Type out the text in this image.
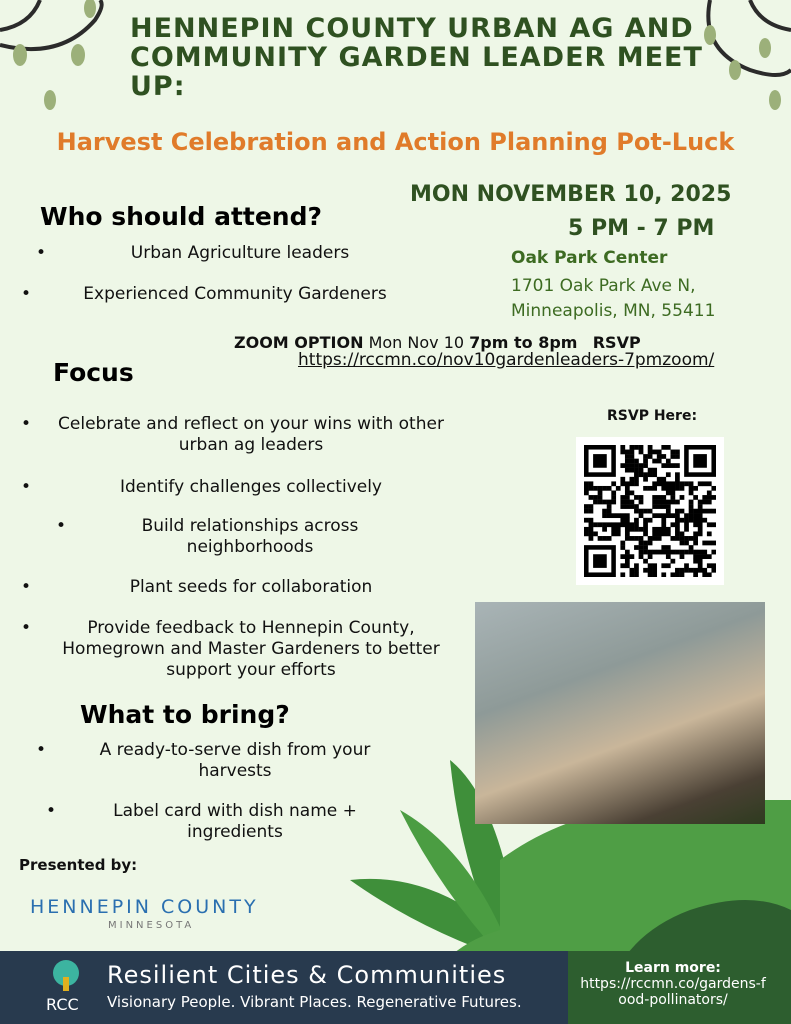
HENNEPIN COUNTY URBAN AG AND COMMUNITY GARDEN LEADER MEET UP:
Harvest Celebration and Action Planning Pot-Luck
Who should attend?
• Urban Agriculture leaders
• Experienced Community Gardeners
MON NOVEMBER 10, 2025
5 PM - 7 PM
Oak Park Center
1701 Oak Park Ave N,
Minneapolis, MN, 55411
ZOOM OPTION Mon Nov 10 7pm to 8pm RSVP
https://rccmn.co/nov10gardenleaders-7pmzoom/
Focus
• Celebrate and reflect on your wins with other urban ag leaders
• Identify challenges collectively
• Build relationships across neighborhoods
• Plant seeds for collaboration
• Provide feedback to Hennepin County, Homegrown and Master Gardeners to better support your efforts
What to bring?
• A ready-to-serve dish from your harvests
• Label card with dish name + ingredients
Presented by:
HENNEPIN COUNTY
MINNESOTA
RSVP Here:
RCC
Resilient Cities & Communities
Visionary People. Vibrant Places. Regenerative Futures.
Learn more:
https://rccmn.co/gardens-food-pollinators/
